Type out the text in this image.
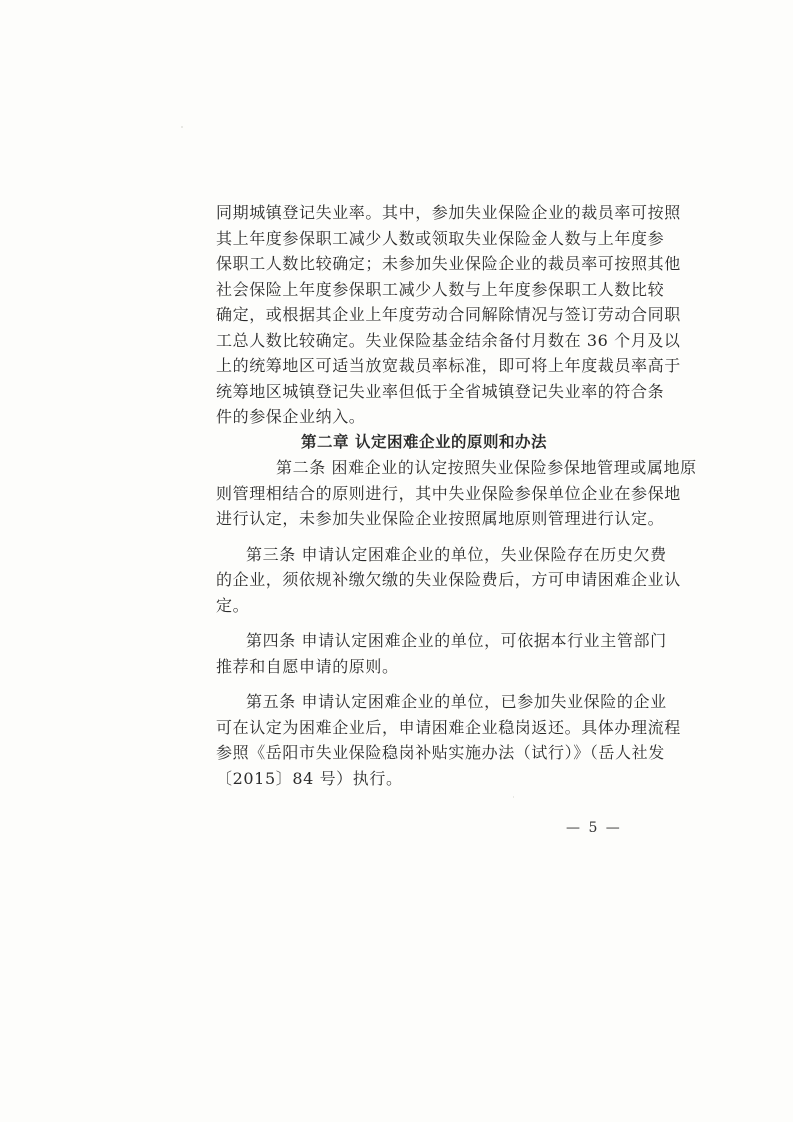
同期城镇登记失业率。其中，参加失业保险企业的裁员率可按照
其上年度参保职工减少人数或领取失业保险金人数与上年度参
保职工人数比较确定；未参加失业保险企业的裁员率可按照其他
社会保险上年度参保职工减少人数与上年度参保职工人数比较
确定，或根据其企业上年度劳动合同解除情况与签订劳动合同职
工总人数比较确定。失业保险基金结余备付月数在 36 个月及以
上的统筹地区可适当放宽裁员率标准，即可将上年度裁员率高于
统筹地区城镇登记失业率但低于全省城镇登记失业率的符合条
件的参保企业纳入。
第二章 认定困难企业的原则和办法
第二条 困难企业的认定按照失业保险参保地管理或属地原
则管理相结合的原则进行，其中失业保险参保单位企业在参保地
进行认定，未参加失业保险企业按照属地原则管理进行认定。
第三条 申请认定困难企业的单位，失业保险存在历史欠费
的企业，须依规补缴欠缴的失业保险费后，方可申请困难企业认
定。
第四条 申请认定困难企业的单位，可依据本行业主管部门
推荐和自愿申请的原则。
第五条 申请认定困难企业的单位，已参加失业保险的企业
可在认定为困难企业后，申请困难企业稳岗返还。具体办理流程
参照《岳阳市失业保险稳岗补贴实施办法（试行）》（岳人社发
〔2015〕84 号）执行。
— 5 —
